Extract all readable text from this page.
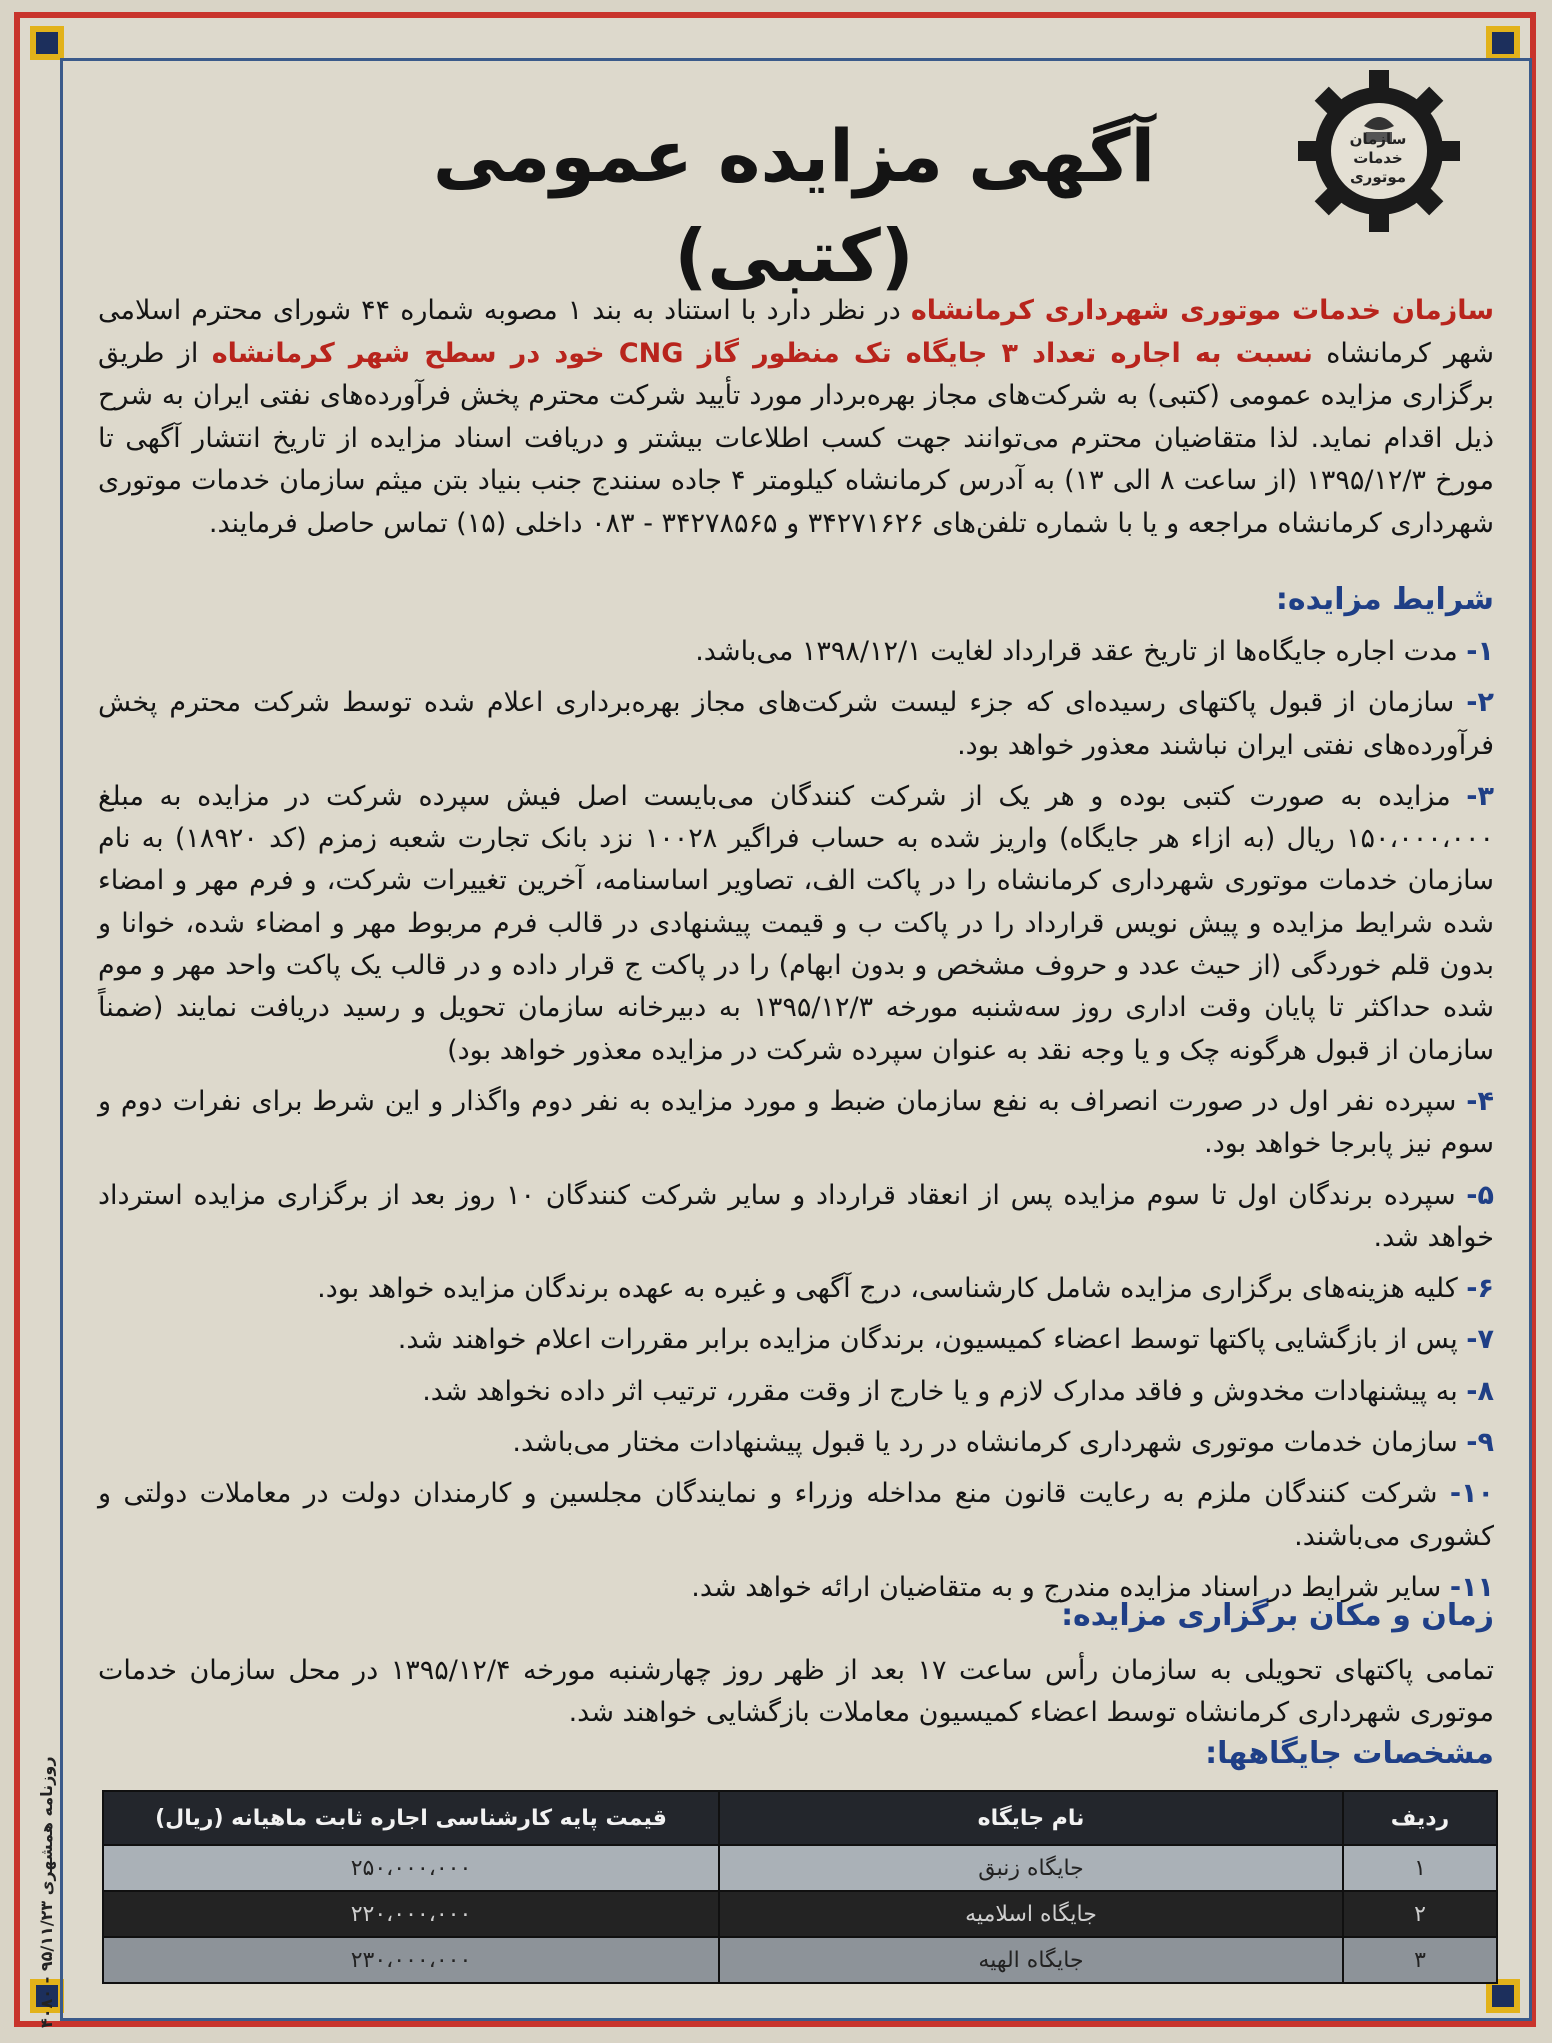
سازمان خدمات موتوری
آگهی مزایده عمومی (کتبی)

سازمان خدمات موتوری شهرداری کرمانشاه در نظر دارد با استناد به بند ۱ مصوبه شماره ۴۴ شورای محترم اسلامی شهر کرمانشاه نسبت به اجاره تعداد ۳ جایگاه تک منظور گاز CNG خود در سطح شهر کرمانشاه از طریق برگزاری مزایده عمومی (کتبی) به شرکت‌های مجاز بهره‌بردار مورد تأیید شرکت محترم پخش فرآورده‌های نفتی ایران به شرح ذیل اقدام نماید. لذا متقاضیان محترم می‌توانند جهت کسب اطلاعات بیشتر و دریافت اسناد مزایده از تاریخ انتشار آگهی تا مورخ ۱۳۹۵/۱۲/۳ (از ساعت ۸ الی ۱۳) به آدرس کرمانشاه کیلومتر ۴ جاده سنندج جنب بنیاد بتن میثم سازمان خدمات موتوری شهرداری کرمانشاه مراجعه و یا با شماره تلفن‌های ۳۴۲۷۱۶۲۶ و ۳۴۲۷۸۵۶۵ - ۰۸۳ داخلی (۱۵) تماس حاصل فرمایند.

شرایط مزایده:

۱- مدت اجاره جایگاه‌ها از تاریخ عقد قرارداد لغایت ۱۳۹۸/۱۲/۱ می‌باشد.

۲- سازمان از قبول پاکتهای رسیده‌ای که جزء لیست شرکت‌های مجاز بهره‌برداری اعلام شده توسط شرکت محترم پخش فرآورده‌های نفتی ایران نباشند معذور خواهد بود.

۳- مزایده به صورت کتبی بوده و هر یک از شرکت کنندگان می‌بایست اصل فیش سپرده شرکت در مزایده به مبلغ ۱۵۰،۰۰۰،۰۰۰ ریال (به ازاء هر جایگاه) واریز شده به حساب فراگیر ۱۰۰۲۸ نزد بانک تجارت شعبه زمزم (کد ۱۸۹۲۰) به نام سازمان خدمات موتوری شهرداری کرمانشاه را در پاکت الف، تصاویر اساسنامه، آخرین تغییرات شرکت، و فرم مهر و امضاء شده شرایط مزایده و پیش نویس قرارداد را در پاکت ب و قیمت پیشنهادی در قالب فرم مربوط مهر و امضاء شده، خوانا و بدون قلم خوردگی (از حیث عدد و حروف مشخص و بدون ابهام) را در پاکت ج قرار داده و در قالب یک پاکت واحد مهر و موم شده حداکثر تا پایان وقت اداری روز سه‌شنبه مورخه ۱۳۹۵/۱۲/۳ به دبیرخانه سازمان تحویل و رسید دریافت نمایند (ضمناً سازمان از قبول هرگونه چک و یا وجه نقد به عنوان سپرده شرکت در مزایده معذور خواهد بود)

۴- سپرده نفر اول در صورت انصراف به نفع سازمان ضبط و مورد مزایده به نفر دوم واگذار و این شرط برای نفرات دوم و سوم نیز پابرجا خواهد بود.

۵- سپرده برندگان اول تا سوم مزایده پس از انعقاد قرارداد و سایر شرکت کنندگان ۱۰ روز بعد از برگزاری مزایده استرداد خواهد شد.

۶- کلیه هزینه‌های برگزاری مزایده شامل کارشناسی، درج آگهی و غیره به عهده برندگان مزایده خواهد بود.

۷- پس از بازگشایی پاکتها توسط اعضاء کمیسیون، برندگان مزایده برابر مقررات اعلام خواهند شد.

۸- به پیشنهادات مخدوش و فاقد مدارک لازم و یا خارج از وقت مقرر، ترتیب اثر داده نخواهد شد.

۹- سازمان خدمات موتوری شهرداری کرمانشاه در رد یا قبول پیشنهادات مختار می‌باشد.

۱۰- شرکت کنندگان ملزم به رعایت قانون منع مداخله وزراء و نمایندگان مجلسین و کارمندان دولت در معاملات دولتی و کشوری می‌باشند.

۱۱- سایر شرایط در اسناد مزایده مندرج و به متقاضیان ارائه خواهد شد.

زمان و مکان برگزاری مزایده:

تمامی پاکتهای تحویلی به سازمان رأس ساعت ۱۷ بعد از ظهر روز چهارشنبه مورخه ۱۳۹۵/۱۲/۴ در محل سازمان خدمات موتوری شهرداری کرمانشاه توسط اعضاء کمیسیون معاملات بازگشایی خواهند شد.

مشخصات جایگاهها:
ردیف	نام جایگاه	قیمت پایه کارشناسی اجاره ثابت ماهیانه (ریال)
۱	جایگاه زنبق	۲۵۰،۰۰۰،۰۰۰
۲	جایگاه اسلامیه	۲۲۰،۰۰۰،۰۰۰
۳	جایگاه الهیه	۲۳۰،۰۰۰،۰۰۰
روزنامه همشهری ۹۵/۱۱/۲۳ - ۴۰۸۰
